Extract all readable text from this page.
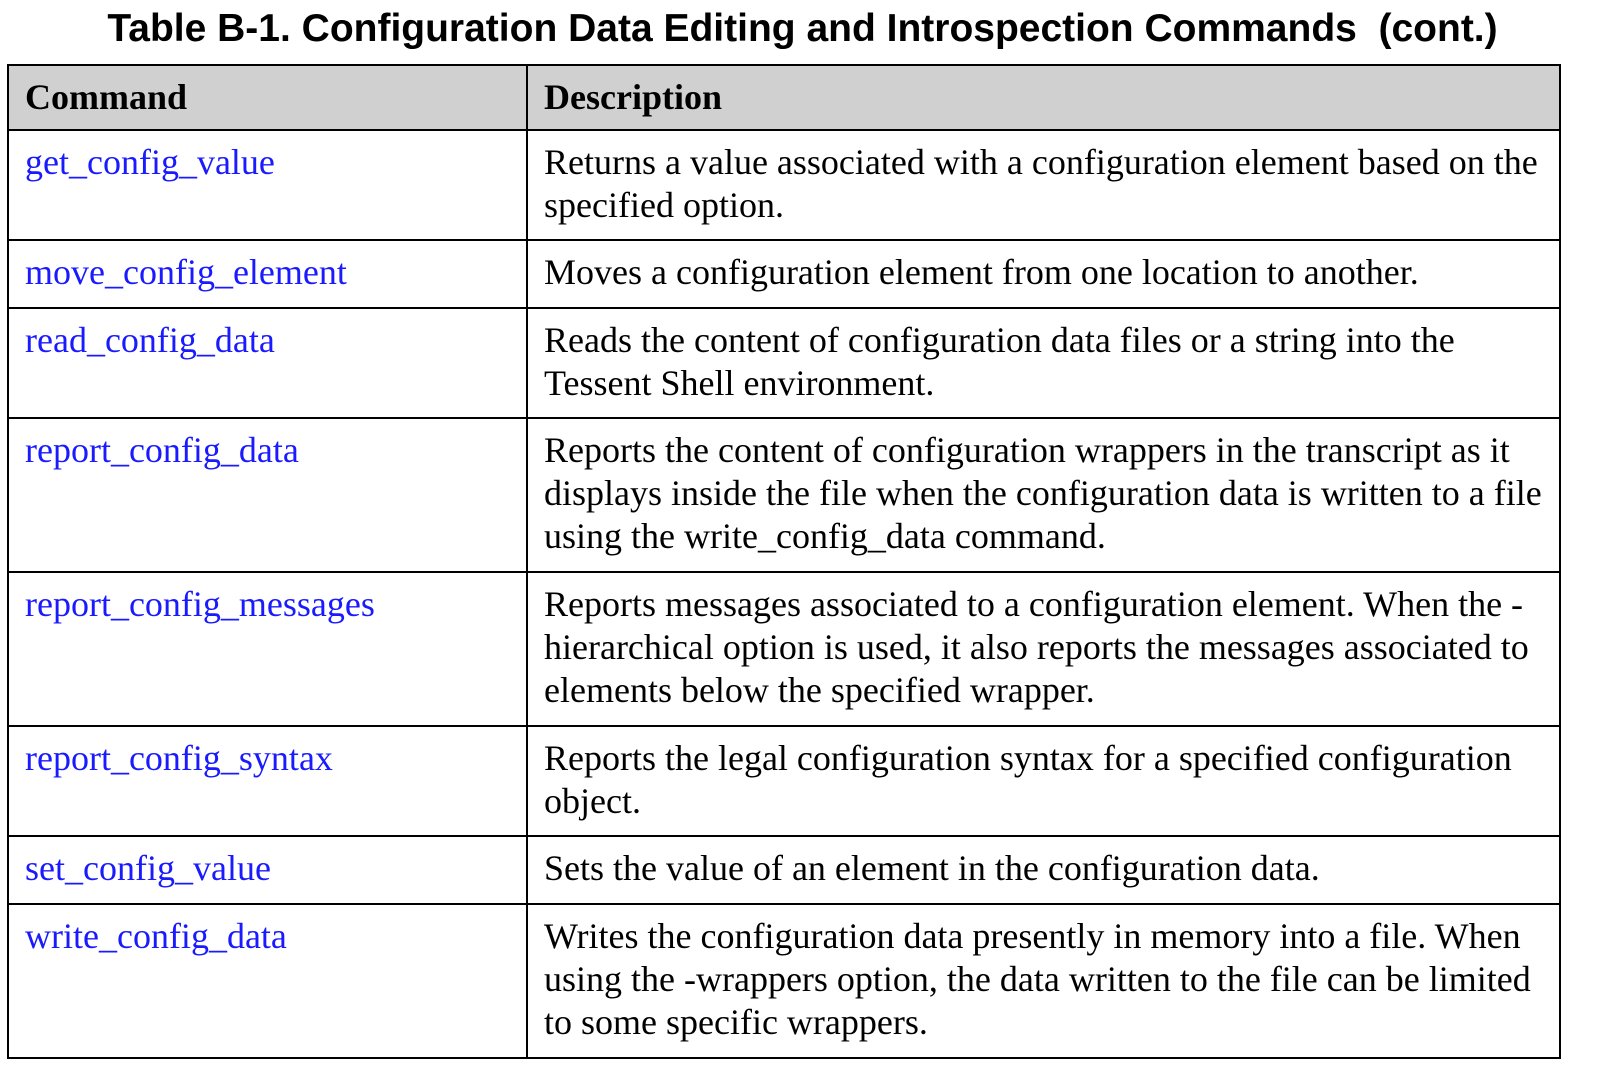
Table B-1. Configuration Data Editing and Introspection Commands  (cont.)
Command	Description

get_config_value	Returns a value associated with a configuration element based on the specified option.

move_config_element	Moves a configuration element from one location to another.

read_config_data	Reads the content of configuration data files or a string into the Tessent Shell environment.

report_config_data	Reports the content of configuration wrappers in the transcript as it displays inside the file when the configuration data is written to a file using the write_config_data command.

report_config_messages	Reports messages associated to a configuration element. When the -hierarchical option is used, it also reports the messages associated to elements below the specified wrapper.

report_config_syntax	Reports the legal configuration syntax for a specified configuration object.

set_config_value	Sets the value of an element in the configuration data.

write_config_data	Writes the configuration data presently in memory into a file. When using the -wrappers option, the data written to the file can be limited to some specific wrappers.
